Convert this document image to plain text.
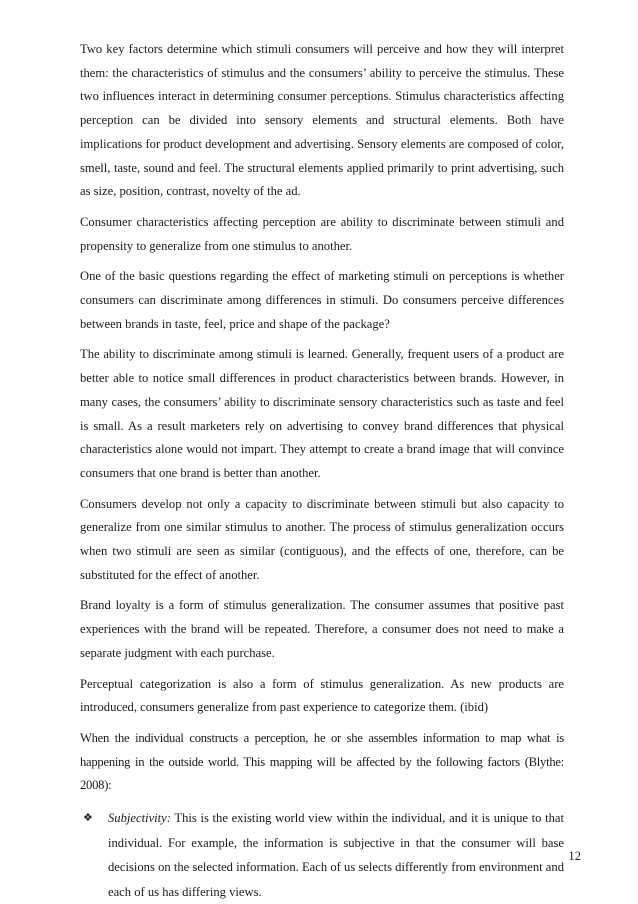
Two key factors determine which stimuli consumers will perceive and how they will interpret them: the characteristics of stimulus and the consumers’ ability to perceive the stimulus. These two influences interact in determining consumer perceptions. Stimulus characteristics affecting perception can be divided into sensory elements and structural elements. Both have implications for product development and advertising. Sensory elements are composed of color, smell, taste, sound and feel. The structural elements applied primarily to print advertising, such as size, position, contrast, novelty of the ad.

Consumer characteristics affecting perception are ability to discriminate between stimuli and propensity to generalize from one stimulus to another.

One of the basic questions regarding the effect of marketing stimuli on perceptions is whether consumers can discriminate among differences in stimuli. Do consumers perceive differences between brands in taste, feel, price and shape of the package?

The ability to discriminate among stimuli is learned. Generally, frequent users of a product are better able to notice small differences in product characteristics between brands. However, in many cases, the consumers’ ability to discriminate sensory characteristics such as taste and feel is small. As a result marketers rely on advertising to convey brand differences that physical characteristics alone would not impart. They attempt to create a brand image that will convince consumers that one brand is better than another.

Consumers develop not only a capacity to discriminate between stimuli but also capacity to generalize from one similar stimulus to another. The process of stimulus generalization occurs when two stimuli are seen as similar (contiguous), and the effects of one, therefore, can be substituted for the effect of another.

Brand loyalty is a form of stimulus generalization. The consumer assumes that positive past experiences with the brand will be repeated. Therefore, a consumer does not need to make a separate judgment with each purchase.

Perceptual categorization is also a form of stimulus generalization. As new products are introduced, consumers generalize from past experience to categorize them. (ibid)

When the individual constructs a perception, he or she assembles information to map what is happening in the outside world. This mapping will be affected by the following factors (Blythe: 2008):

❖ Subjectivity: This is the existing world view within the individual, and it is unique to that individual. For example, the information is subjective in that the consumer will base decisions on the selected information. Each of us selects differently from environment and each of us has differing views.
12
